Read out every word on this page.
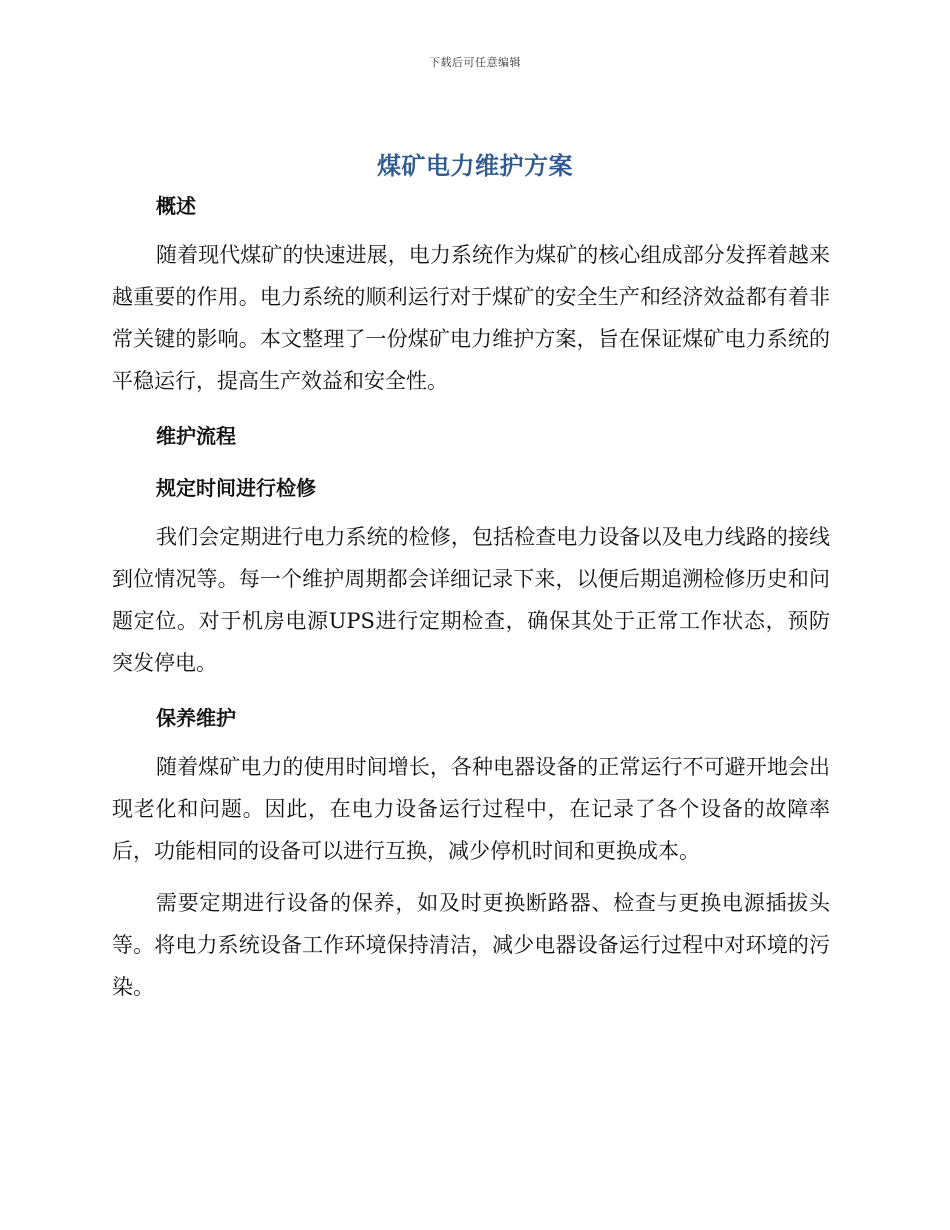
下载后可任意编辑
煤矿电力维护方案
概述

随着现代煤矿的快速进展，电力系统作为煤矿的核心组成部分发挥着越来越重要的作用。电力系统的顺利运行对于煤矿的安全生产和经济效益都有着非常关键的影响。本文整理了一份煤矿电力维护方案，旨在保证煤矿电力系统的平稳运行，提高生产效益和安全性。

维护流程
规定时间进行检修

我们会定期进行电力系统的检修，包括检查电力设备以及电力线路的接线到位情况等。每一个维护周期都会详细记录下来，以便后期追溯检修历史和问题定位。对于机房电源UPS进行定期检查，确保其处于正常工作状态，预防突发停电。

保养维护

随着煤矿电力的使用时间增长，各种电器设备的正常运行不可避开地会出现老化和问题。因此，在电力设备运行过程中，在记录了各个设备的故障率后，功能相同的设备可以进行互换，减少停机时间和更换成本。

需要定期进行设备的保养，如及时更换断路器、检查与更换电源插拔头等。将电力系统设备工作环境保持清洁，减少电器设备运行过程中对环境的污染。
